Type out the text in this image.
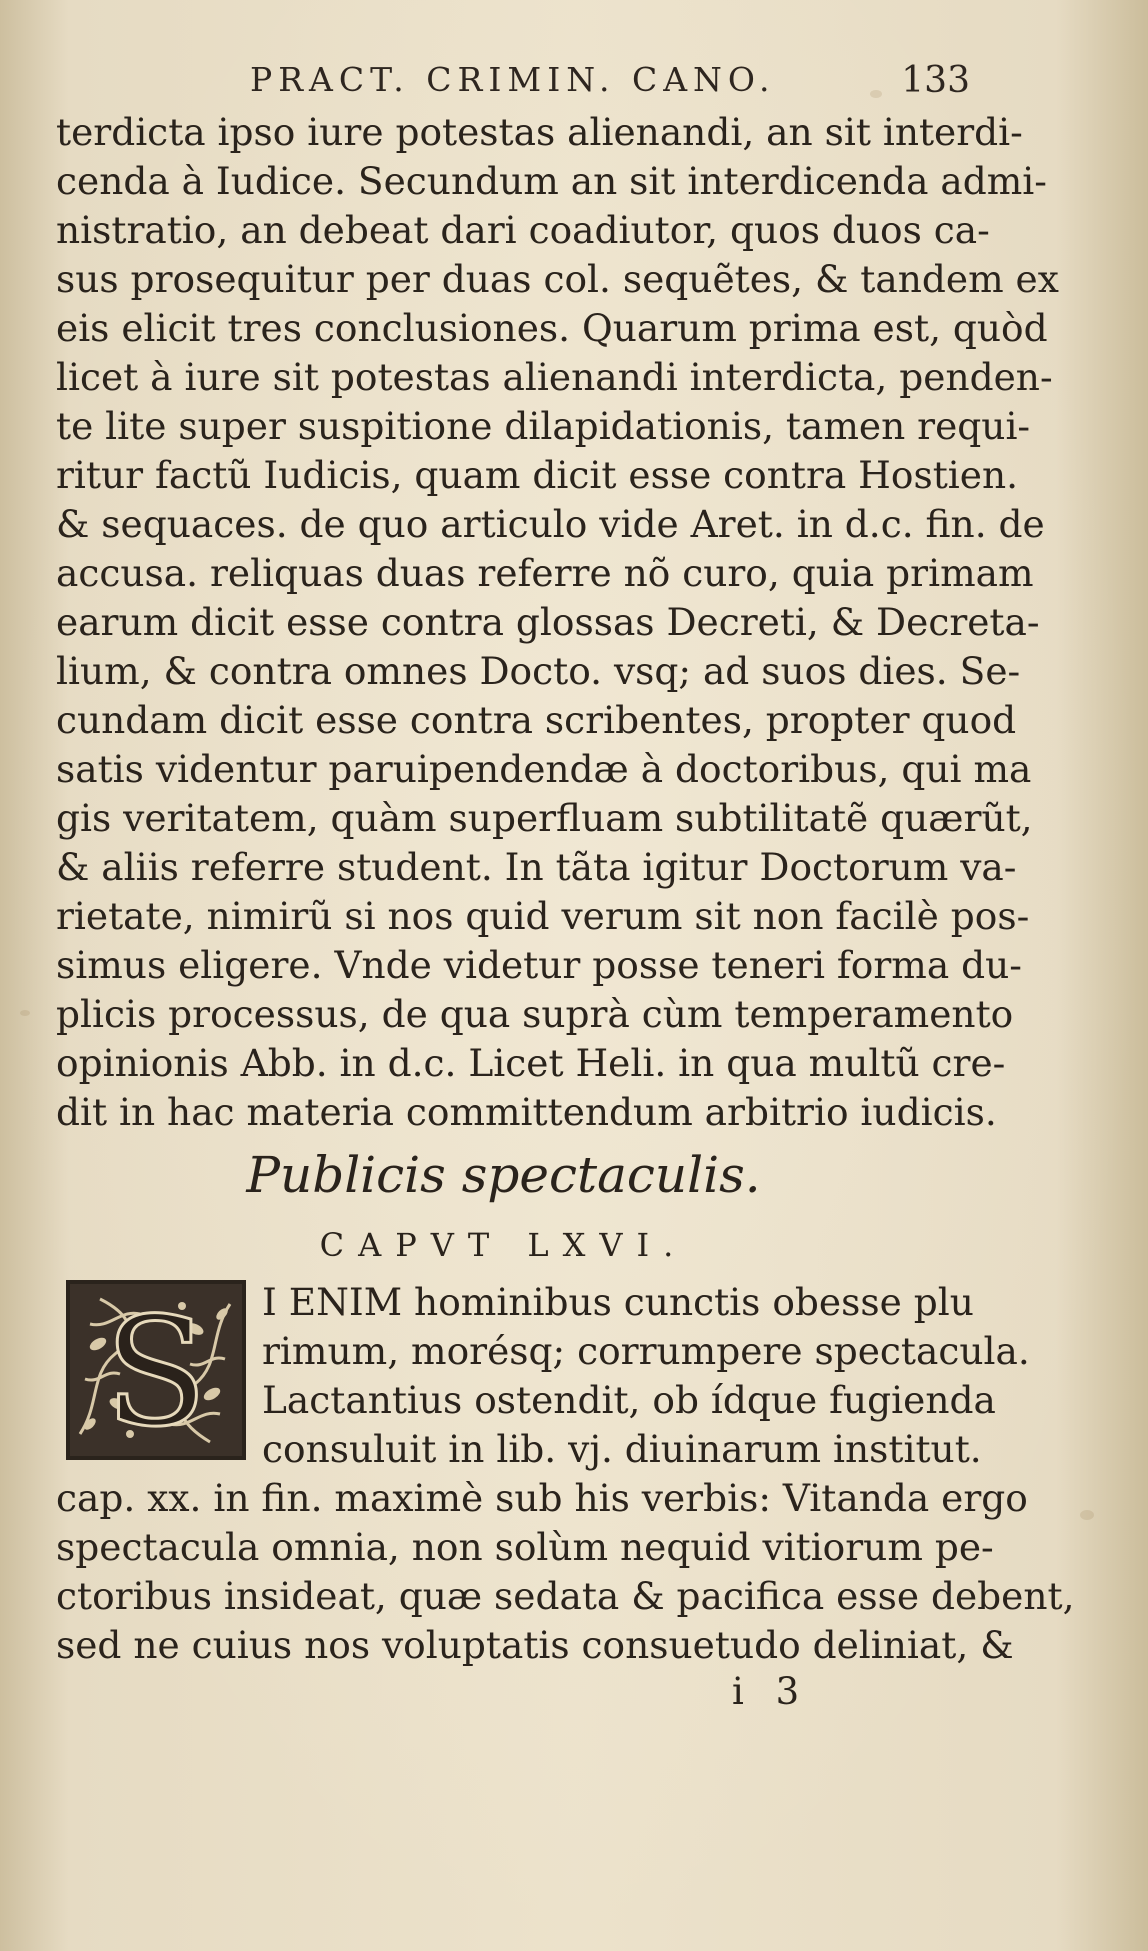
PRACT. CRIMIN. CANO.	133
terdicta ipso iure potestas alienandi, an sit interdi-
cenda à Iudice. Secundum an sit interdicenda admi-
nistratio, an debeat dari coadiutor, quos duos ca-
sus prosequitur per duas col. sequẽtes, & tandem ex
eis elicit tres conclusiones. Quarum prima est, quòd
licet à iure sit potestas alienandi interdicta, penden-
te lite super suspitione dilapidationis, tamen requi-
ritur factũ Iudicis, quam dicit esse contra Hostien.
& sequaces. de quo articulo vide Aret. in d.c. fin. de
accusa. reliquas duas referre nõ curo, quia primam
earum dicit esse contra glossas Decreti, & Decreta-
lium, & contra omnes Docto. vsq; ad suos dies. Se-
cundam dicit esse contra scribentes, propter quod
satis videntur paruipendendæ à doctoribus, qui ma
gis veritatem, quàm superfluam subtilitatẽ quærũt,
& aliis referre student. In tãta igitur Doctorum va-
rietate, nimirũ si nos quid verum sit non facilè pos-
simus eligere. Vnde videtur posse teneri forma du-
plicis processus, de qua suprà cùm temperamento
opinionis Abb. in d.c. Licet Heli. in qua multũ cre-
dit in hac materia committendum arbitrio iudicis.
Publicis spectaculis.
CAPVT LXVI.
S I ENIM hominibus cunctis obesse plu
rimum, morésq; corrumpere spectacula.
Lactantius ostendit, ob ídque fugienda
consuluit in lib. vj. diuinarum institut.
cap. xx. in fin. maximè sub his verbis: Vitanda ergo
spectacula omnia, non solùm nequid vitiorum pe-
ctoribus insideat, quæ sedata & pacifica esse debent,
sed ne cuius nos voluptatis consuetudo deliniat, &
i 3
